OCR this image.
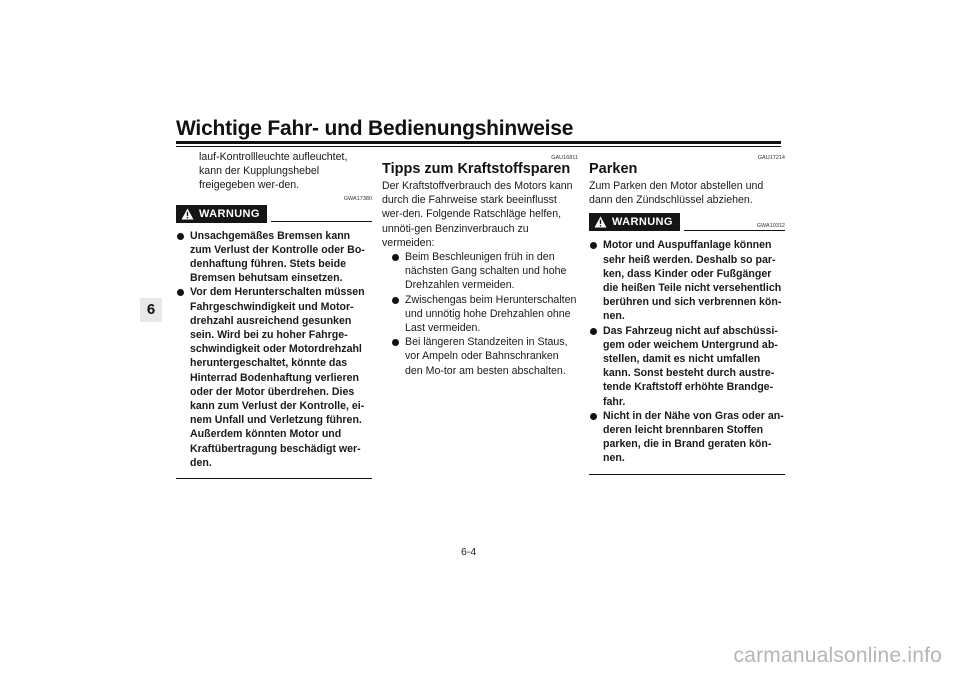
Wichtige Fahr- und Bedienungshinweise
6
lauf-Kontrollleuchte aufleuchtet, kann der Kupplungshebel freigegeben wer-den.
GWA17380
WARNUNG
Unsachgemäßes Bremsen kann zum Verlust der Kontrolle oder Bo-denhaftung führen. Stets beide Bremsen behutsam einsetzen.
Vor dem Herunterschalten müssen Fahrgeschwindigkeit und Motor-drehzahl ausreichend gesunken sein. Wird bei zu hoher Fahrge-schwindigkeit oder Motordrehzahl heruntergeschaltet, könnte das Hinterrad Bodenhaftung verlieren oder der Motor überdrehen. Dies kann zum Verlust der Kontrolle, ei-nem Unfall und Verletzung führen. Außerdem könnten Motor und Kraftübertragung beschädigt wer-den.
GAU16811
Tipps zum Kraftstoffsparen
Der Kraftstoffverbrauch des Motors kann durch die Fahrweise stark beeinflusst wer-den. Folgende Ratschläge helfen, unnöti-gen Benzinverbrauch zu vermeiden:
Beim Beschleunigen früh in den nächsten Gang schalten und hohe Drehzahlen vermeiden.
Zwischengas beim Herunterschalten und unnötig hohe Drehzahlen ohne Last vermeiden.
Bei längeren Standzeiten in Staus, vor Ampeln oder Bahnschranken den Mo-tor am besten abschalten.
GAU17214
Parken
Zum Parken den Motor abstellen und dann den Zündschlüssel abziehen.
WARNUNG	GWA10312
Motor und Auspuffanlage können sehr heiß werden. Deshalb so par-ken, dass Kinder oder Fußgänger die heißen Teile nicht versehentlich berühren und sich verbrennen kön-nen.
Das Fahrzeug nicht auf abschüssi-gem oder weichem Untergrund ab-stellen, damit es nicht umfallen kann. Sonst besteht durch austre-tende Kraftstoff erhöhte Brandge-fahr.
Nicht in der Nähe von Gras oder an-deren leicht brennbaren Stoffen parken, die in Brand geraten kön-nen.
6-4
carmanualsonline.info
